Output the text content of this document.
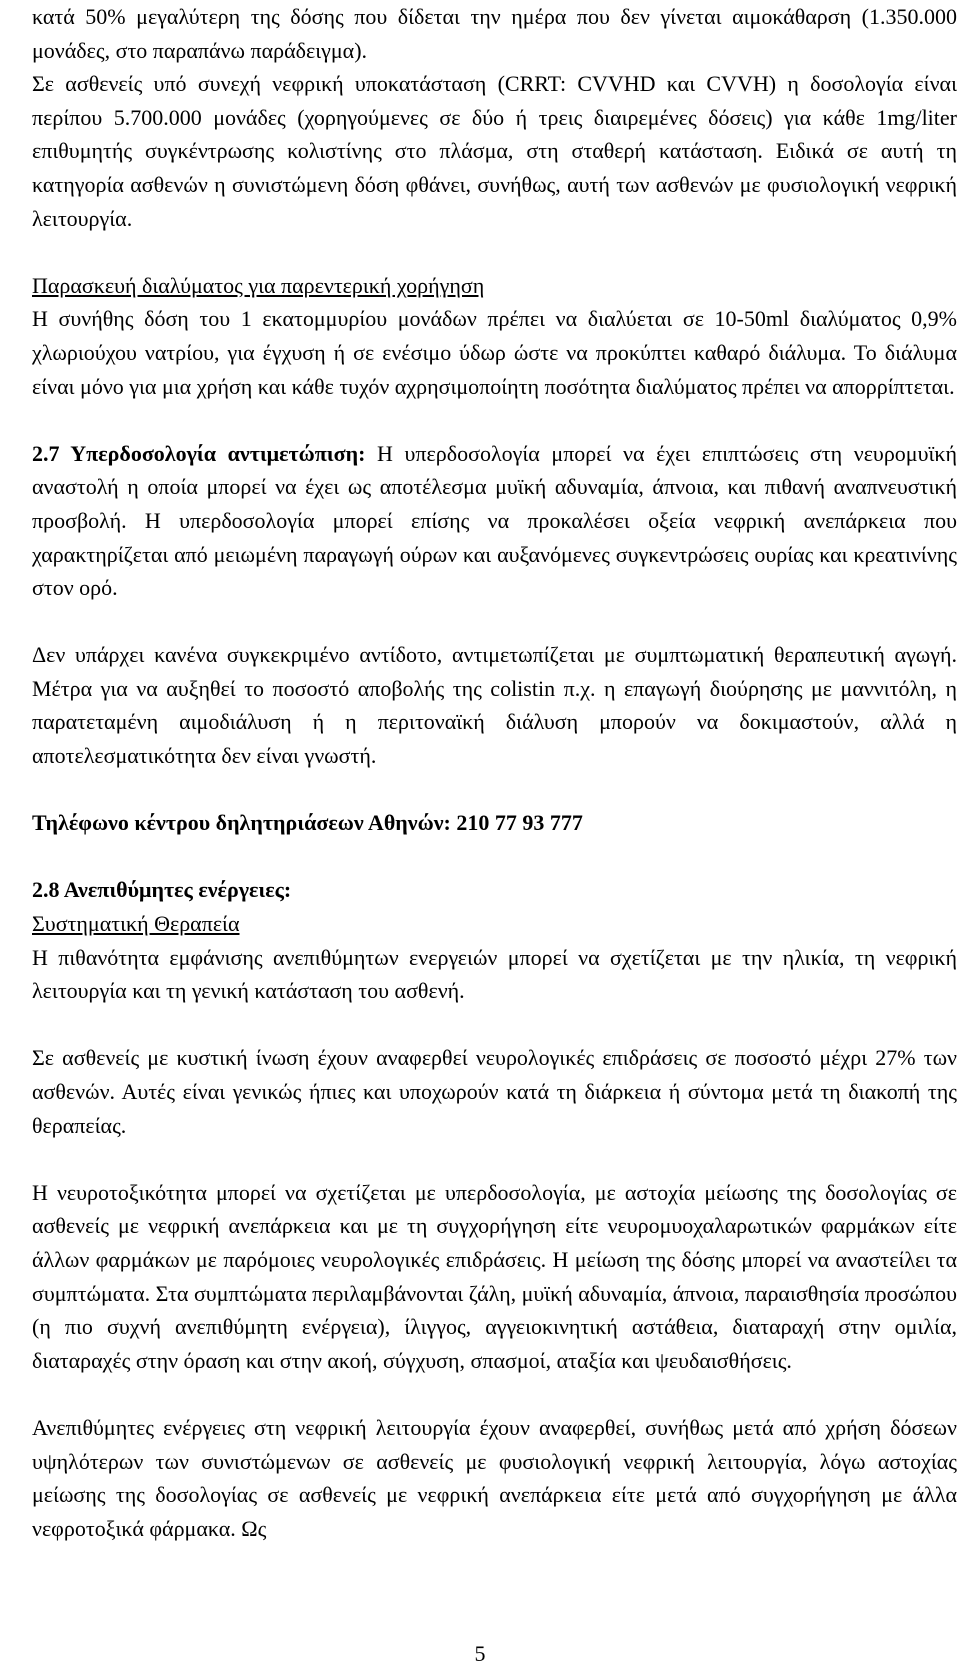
κατά 50% μεγαλύτερη της δόσης που δίδεται την ημέρα που δεν γίνεται αιμοκάθαρση (1.350.000 μονάδες, στο παραπάνω παράδειγμα).

Σε ασθενείς υπό συνεχή νεφρική υποκατάσταση (CRRT: CVVHD και CVVH) η δοσολογία είναι περίπου 5.700.000 μονάδες (χορηγούμενες σε δύο ή τρεις διαιρεμένες δόσεις) για κάθε 1mg/liter επιθυμητής συγκέντρωσης κολιστίνης στο πλάσμα, στη σταθερή κατάσταση. Ειδικά σε αυτή τη κατηγορία ασθενών η συνιστώμενη δόση φθάνει, συνήθως, αυτή των ασθενών με φυσιολογική νεφρική λειτουργία.

Παρασκευή διαλύματος για παρεντερική χορήγηση
Η συνήθης δόση του 1 εκατομμυρίου μονάδων πρέπει να διαλύεται σε 10-50ml διαλύματος 0,9% χλωριούχου νατρίου, για έγχυση ή σε ενέσιμο ύδωρ ώστε να προκύπτει καθαρό διάλυμα. Το διάλυμα είναι μόνο για μια χρήση και κάθε τυχόν αχρησιμοποίητη ποσότητα διαλύματος πρέπει να απορρίπτεται.

2.7 Υπερδοσολογία αντιμετώπιση: Η υπερδοσολογία μπορεί να έχει επιπτώσεις στη νευρομυϊκή αναστολή η οποία μπορεί να έχει ως αποτέλεσμα μυϊκή αδυναμία, άπνοια, και πιθανή αναπνευστική προσβολή. Η υπερδοσολογία μπορεί επίσης να προκαλέσει οξεία νεφρική ανεπάρκεια που χαρακτηρίζεται από μειωμένη παραγωγή ούρων και αυξανόμενες συγκεντρώσεις ουρίας και κρεατινίνης στον ορό.

Δεν υπάρχει κανένα συγκεκριμένο αντίδοτο, αντιμετωπίζεται με συμπτωματική θεραπευτική αγωγή. Μέτρα για να αυξηθεί το ποσοστό αποβολής της colistin π.χ. η επαγωγή διούρησης με μαννιτόλη, η παρατεταμένη αιμοδιάλυση ή η περιτοναϊκή διάλυση μπορούν να δοκιμαστούν, αλλά η αποτελεσματικότητα δεν είναι γνωστή.

Τηλέφωνο κέντρου δηλητηριάσεων Αθηνών: 210 77 93 777

2.8 Ανεπιθύμητες ενέργειες:
Συστηματική Θεραπεία
Η πιθανότητα εμφάνισης ανεπιθύμητων ενεργειών μπορεί να σχετίζεται με την ηλικία, τη νεφρική λειτουργία και τη γενική κατάσταση του ασθενή.

Σε ασθενείς με κυστική ίνωση έχουν αναφερθεί νευρολογικές επιδράσεις σε ποσοστό μέχρι 27% των ασθενών. Αυτές είναι γενικώς ήπιες και υποχωρούν κατά τη διάρκεια ή σύντομα μετά τη διακοπή της θεραπείας.

Η νευροτοξικότητα μπορεί να σχετίζεται με υπερδοσολογία, με αστοχία μείωσης της δοσολογίας σε ασθενείς με νεφρική ανεπάρκεια και με τη συγχορήγηση είτε νευρομυοχαλαρωτικών φαρμάκων είτε άλλων φαρμάκων με παρόμοιες νευρολογικές επιδράσεις. Η μείωση της δόσης μπορεί να αναστείλει τα συμπτώματα. Στα συμπτώματα περιλαμβάνονται ζάλη, μυϊκή αδυναμία, άπνοια, παραισθησία προσώπου (η πιο συχνή ανεπιθύμητη ενέργεια), ίλιγγος, αγγειοκινητική αστάθεια, διαταραχή στην ομιλία, διαταραχές στην όραση και στην ακοή, σύγχυση, σπασμοί, αταξία και ψευδαισθήσεις.

Ανεπιθύμητες ενέργειες στη νεφρική λειτουργία έχουν αναφερθεί, συνήθως μετά από χρήση δόσεων υψηλότερων των συνιστώμενων σε ασθενείς με φυσιολογική νεφρική λειτουργία, λόγω αστοχίας μείωσης της δοσολογίας σε ασθενείς με νεφρική ανεπάρκεια είτε μετά από συγχορήγηση με άλλα νεφροτοξικά φάρμακα. Ως

5
